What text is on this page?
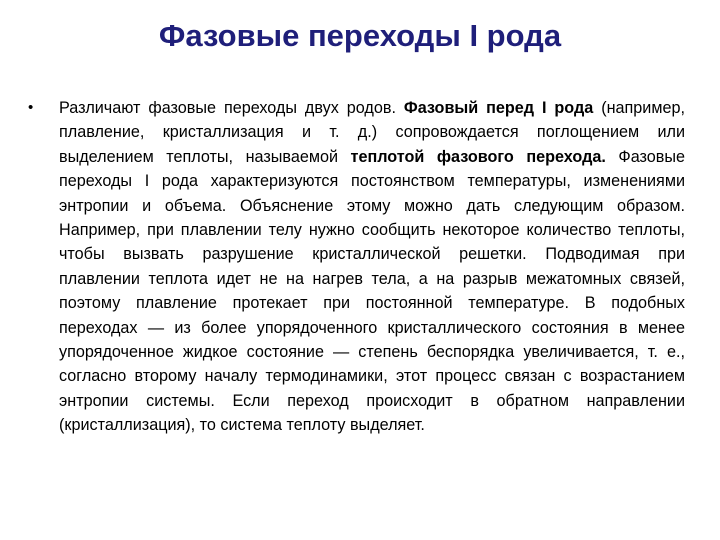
Фазовые переходы I рода
• Различают фазовые переходы двух родов. Фазовый перед I рода (например, плавление, кристаллизация и т. д.) сопровождается поглощением или выделением теплоты, называемой теплотой фазового перехода. Фазовые переходы I рода характеризуются постоянством температуры, изменениями энтропии и объема. Объяснение этому можно дать следующим образом. Например, при плавлении телу нужно сообщить некоторое количество теплоты, чтобы вызвать разрушение кристаллической решетки. Подводимая при плавлении теплота идет не на нагрев тела, а на разрыв межатомных связей, поэтому плавление протекает при постоянной температуре. В подобных переходах — из более упорядоченного кристаллического состояния в менее упорядоченное жидкое состояние — степень беспорядка увеличивается, т. е., согласно второму началу термодинамики, этот процесс связан с возрастанием энтропии системы. Если переход происходит в обратном направлении (кристаллизация), то система теплоту выделяет.
